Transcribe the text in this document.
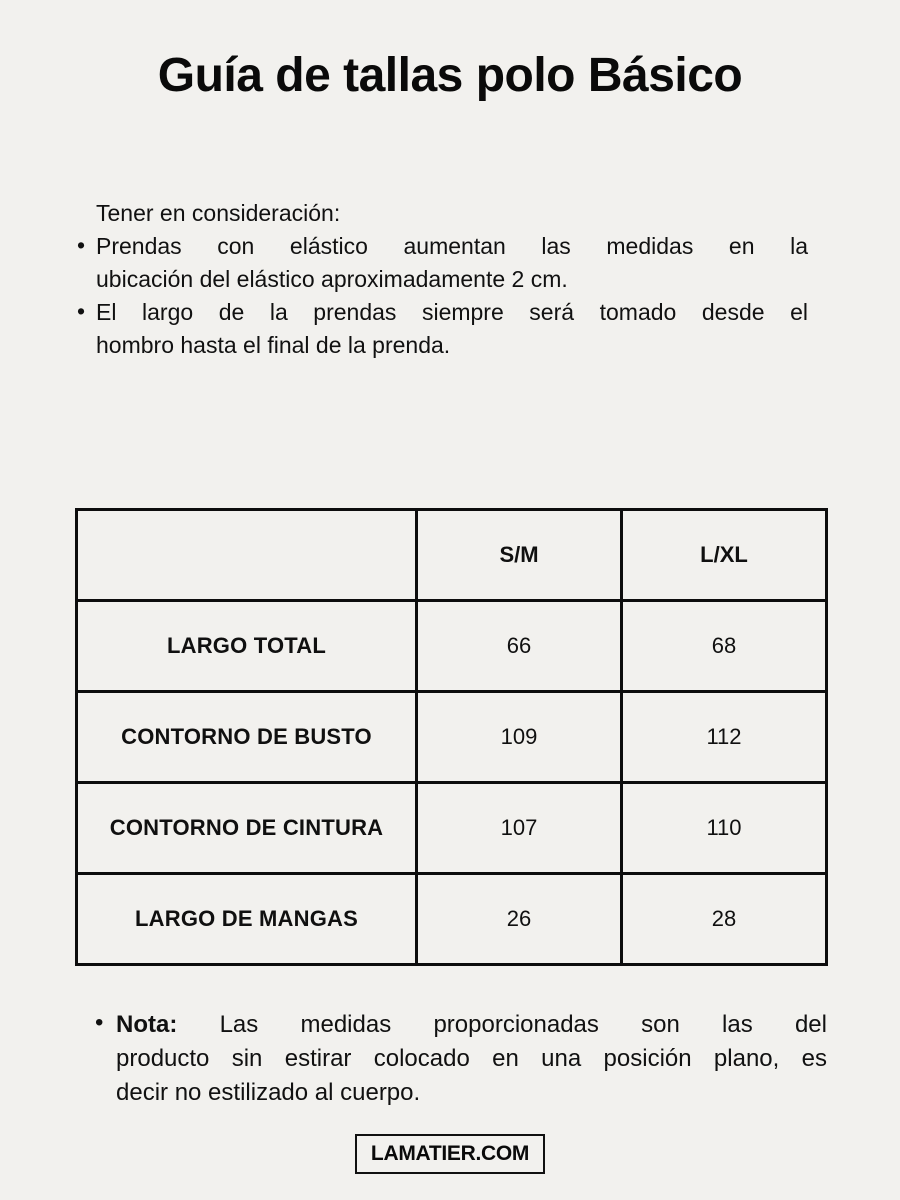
Guía de tallas polo Básico
Tener en consideración:
• Prendas con elástico aumentan las medidas en la
ubicación del elástico aproximadamente 2 cm.
• El largo de la prendas siempre será tomado desde el
hombro hasta el final de la prenda.
	S/M	L/XL
LARGO TOTAL	66	68
CONTORNO DE BUSTO	109	112
CONTORNO DE CINTURA	107	110
LARGO DE MANGAS	26	28
• Nota: Las medidas proporcionadas son las del
producto sin estirar colocado en una posición plano, es
decir no estilizado al cuerpo.
LAMATIER.COM
